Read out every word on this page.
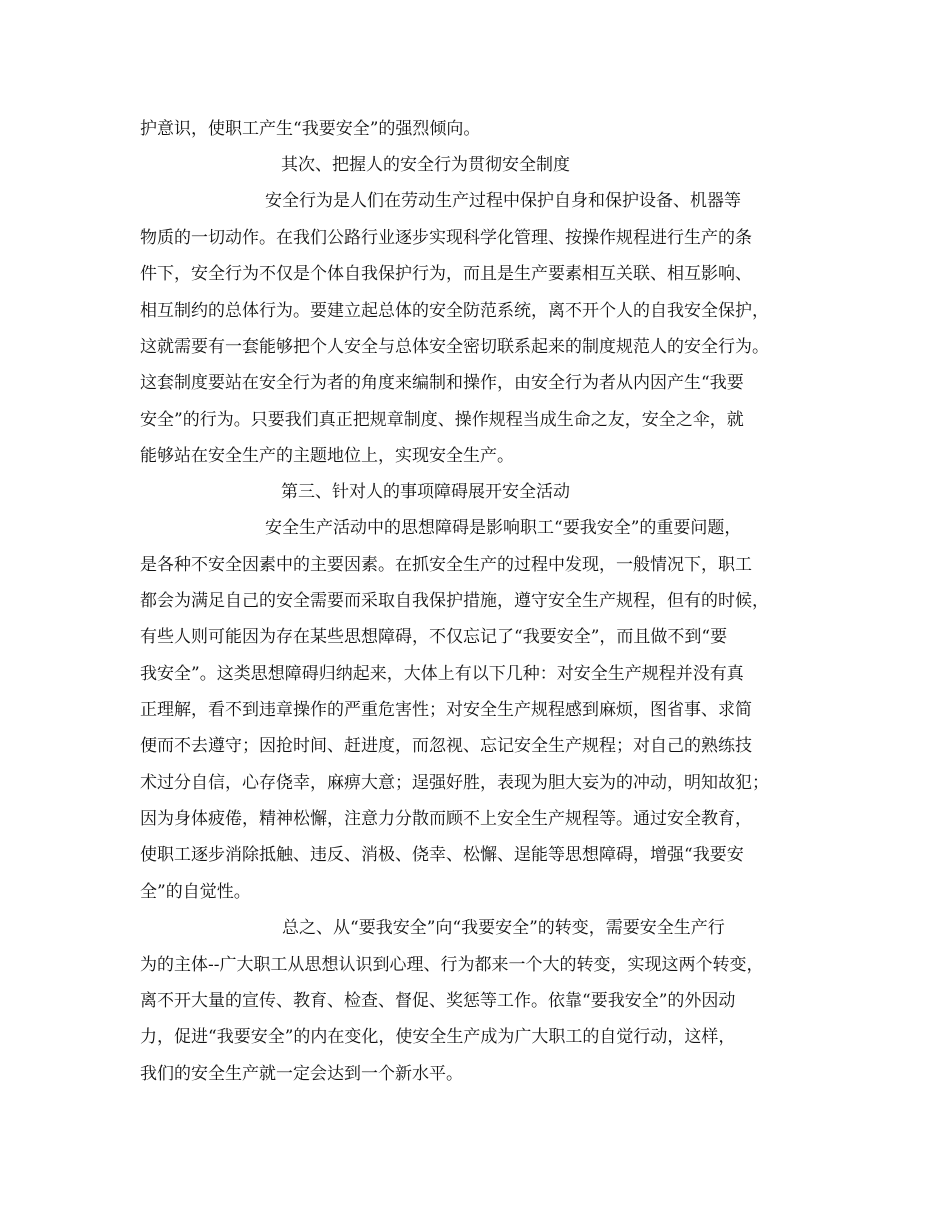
护意识，使职工产生“我要安全”的强烈倾向。
其次、把握人的安全行为贯彻安全制度
安全行为是人们在劳动生产过程中保护自身和保护设备、机器等
物质的一切动作。在我们公路行业逐步实现科学化管理、按操作规程进行生产的条
件下，安全行为不仅是个体自我保护行为，而且是生产要素相互关联、相互影响、
相互制约的总体行为。要建立起总体的安全防范系统，离不开个人的自我安全保护，
这就需要有一套能够把个人安全与总体安全密切联系起来的制度规范人的安全行为。
这套制度要站在安全行为者的角度来编制和操作，由安全行为者从内因产生“我要
安全”的行为。只要我们真正把规章制度、操作规程当成生命之友，安全之伞，就
能够站在安全生产的主题地位上，实现安全生产。
第三、针对人的事项障碍展开安全活动
安全生产活动中的思想障碍是影响职工“要我安全”的重要问题，
是各种不安全因素中的主要因素。在抓安全生产的过程中发现，一般情况下，职工
都会为满足自己的安全需要而采取自我保护措施，遵守安全生产规程，但有的时候，
有些人则可能因为存在某些思想障碍，不仅忘记了“我要安全”，而且做不到“要
我安全”。这类思想障碍归纳起来，大体上有以下几种：对安全生产规程并没有真
正理解，看不到违章操作的严重危害性；对安全生产规程感到麻烦，图省事、求简
便而不去遵守；因抢时间、赶进度，而忽视、忘记安全生产规程；对自己的熟练技
术过分自信，心存侥幸，麻痹大意；逞强好胜，表现为胆大妄为的冲动，明知故犯；
因为身体疲倦，精神松懈，注意力分散而顾不上安全生产规程等。通过安全教育，
使职工逐步消除抵触、违反、消极、侥幸、松懈、逞能等思想障碍，增强“我要安
全”的自觉性。
总之、从“要我安全”向“我要安全”的转变，需要安全生产行
为的主体--广大职工从思想认识到心理、行为都来一个大的转变，实现这两个转变，
离不开大量的宣传、教育、检查、督促、奖惩等工作。依靠“要我安全”的外因动
力，促进“我要安全”的内在变化，使安全生产成为广大职工的自觉行动，这样，
我们的安全生产就一定会达到一个新水平。
